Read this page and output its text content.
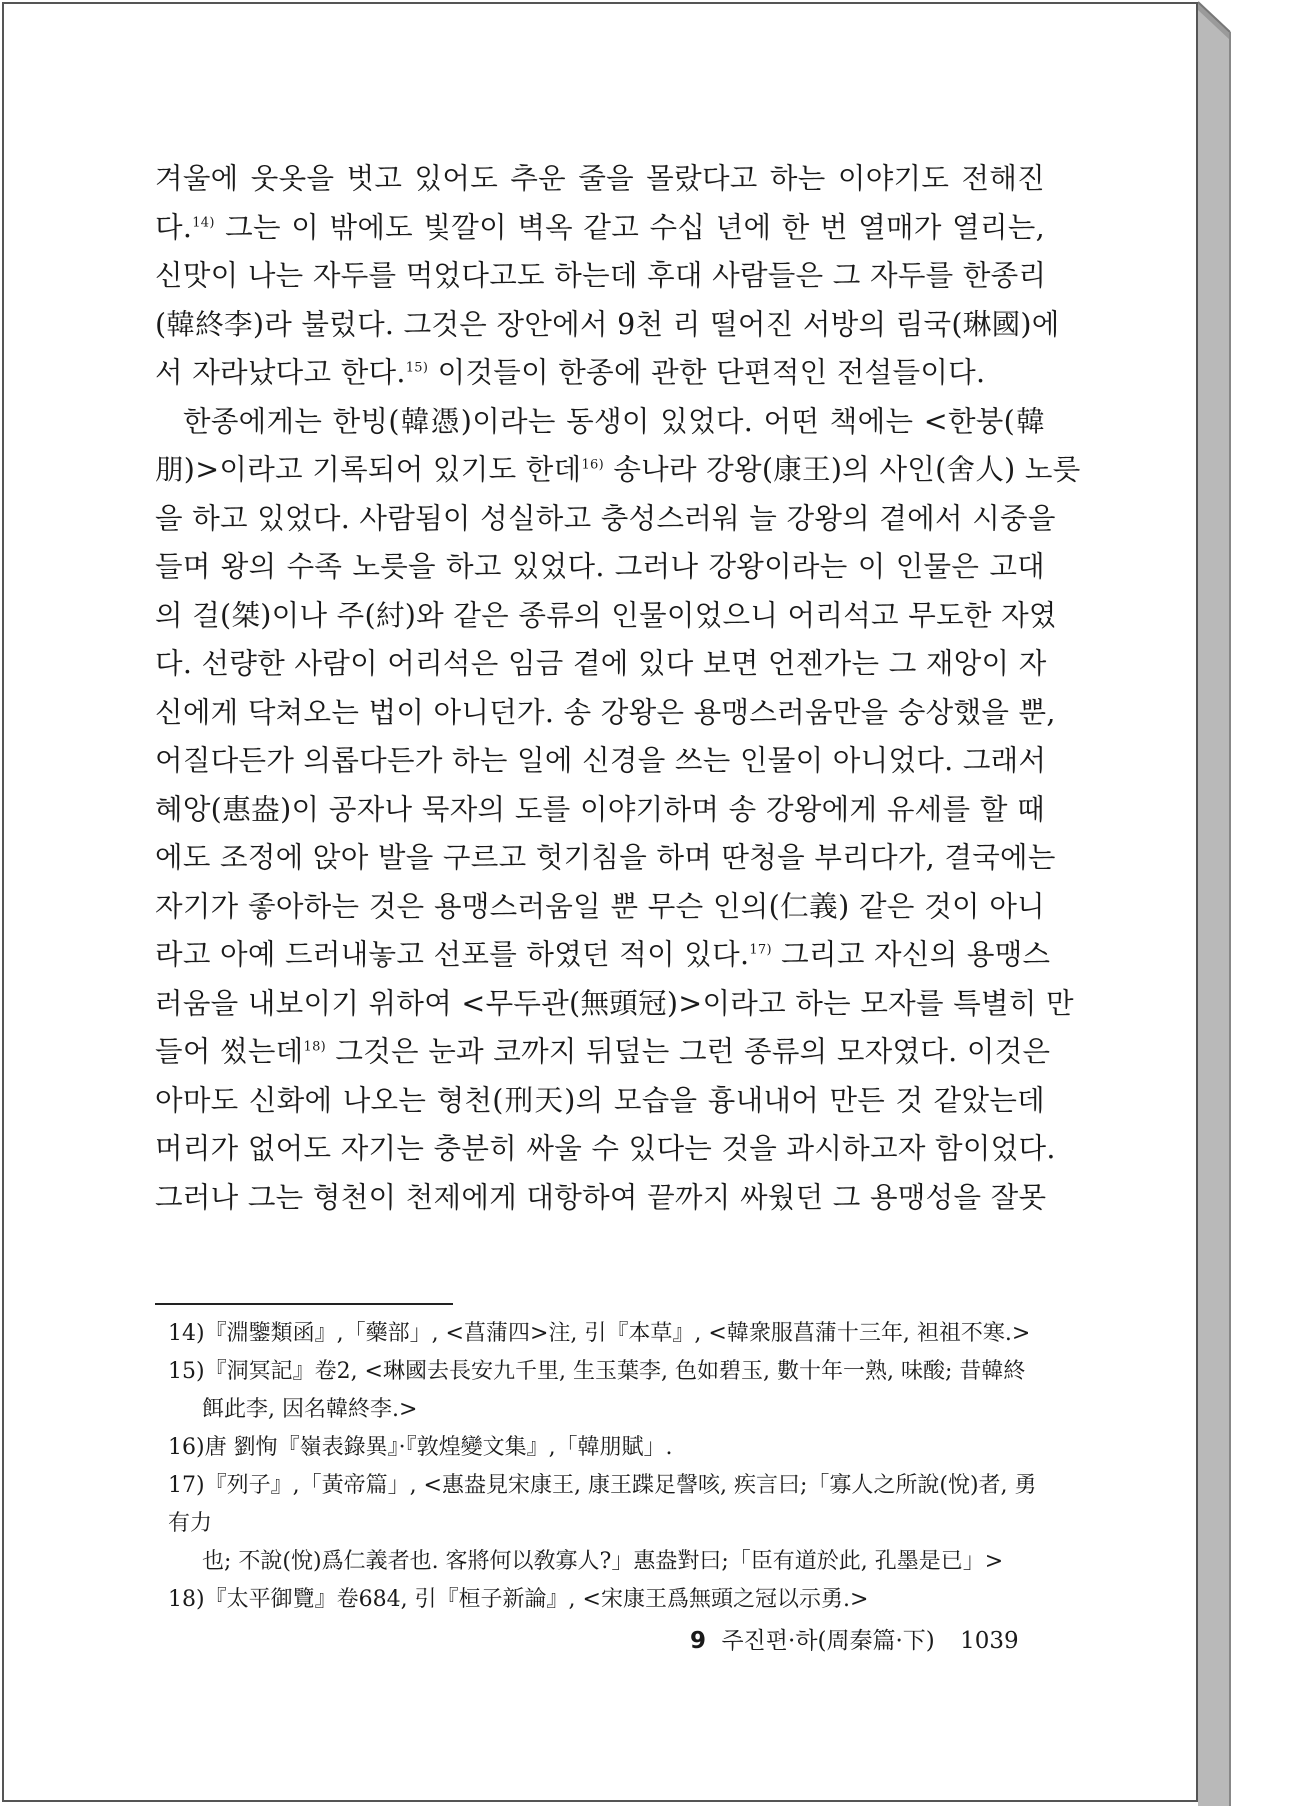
겨울에 웃옷을 벗고 있어도 추운 줄을 몰랐다고 하는 이야기도 전해진
다.$^{14)}$ 그는 이 밖에도 빛깔이 벽옥 같고 수십 년에 한 번 열매가 열리는,
신맛이 나는 자두를 먹었다고도 하는데 후대 사람들은 그 자두를 한종리
(韓終李)라 불렀다. 그것은 장안에서 9천 리 떨어진 서방의 림국(琳國)에
서 자라났다고 한다.$^{15)}$ 이것들이 한종에 관한 단편적인 전설들이다.
한종에게는 한빙(韓憑)이라는 동생이 있었다. 어떤 책에는 <한붕(韓
朋)>이라고 기록되어 있기도 한데$^{16)}$ 송나라 강왕(康王)의 사인(舍人) 노릇
을 하고 있었다. 사람됨이 성실하고 충성스러워 늘 강왕의 곁에서 시중을
들며 왕의 수족 노릇을 하고 있었다. 그러나 강왕이라는 이 인물은 고대
의 걸(桀)이나 주(紂)와 같은 종류의 인물이었으니 어리석고 무도한 자였
다. 선량한 사람이 어리석은 임금 곁에 있다 보면 언젠가는 그 재앙이 자
신에게 닥쳐오는 법이 아니던가. 송 강왕은 용맹스러움만을 숭상했을 뿐,
어질다든가 의롭다든가 하는 일에 신경을 쓰는 인물이 아니었다. 그래서
혜앙(惠盎)이 공자나 묵자의 도를 이야기하며 송 강왕에게 유세를 할 때
에도 조정에 앉아 발을 구르고 헛기침을 하며 딴청을 부리다가, 결국에는
자기가 좋아하는 것은 용맹스러움일 뿐 무슨 인의(仁義) 같은 것이 아니
라고 아예 드러내놓고 선포를 하였던 적이 있다.$^{17)}$ 그리고 자신의 용맹스
러움을 내보이기 위하여 <무두관(無頭冠)>이라고 하는 모자를 특별히 만
들어 썼는데$^{18)}$ 그것은 눈과 코까지 뒤덮는 그런 종류의 모자였다. 이것은
아마도 신화에 나오는 형천(刑天)의 모습을 흉내내어 만든 것 같았는데
머리가 없어도 자기는 충분히 싸울 수 있다는 것을 과시하고자 함이었다.
그러나 그는 형천이 천제에게 대항하여 끝까지 싸웠던 그 용맹성을 잘못
14)『淵鑒類函』,「藥部」, <菖蒲四>注, 引『本草』, <韓衆服菖蒲十三年, 袒祖不寒.>
15)『洞冥記』卷2, <琳國去長安九千里, 生玉葉李, 色如碧玉, 數十年一熟, 味酸; 昔韓終
餌此李, 因名韓終李.>
16)唐 劉恂『嶺表錄異』·『敦煌變文集』,「韓朋賦」.
17)『列子』,「黃帝篇」, <惠盎見宋康王, 康王蹀足謦咳, 疾言曰;「寡人之所說(悅)者, 勇有力
也; 不說(悅)爲仁義者也. 客將何以敎寡人?」惠盎對曰;「臣有道於此, 孔墨是已」>
18)『太平御覽』卷684, 引『桓子新論』, <宋康王爲無頭之冠以示勇.>
9 주진편·하(周秦篇·下) 1039
